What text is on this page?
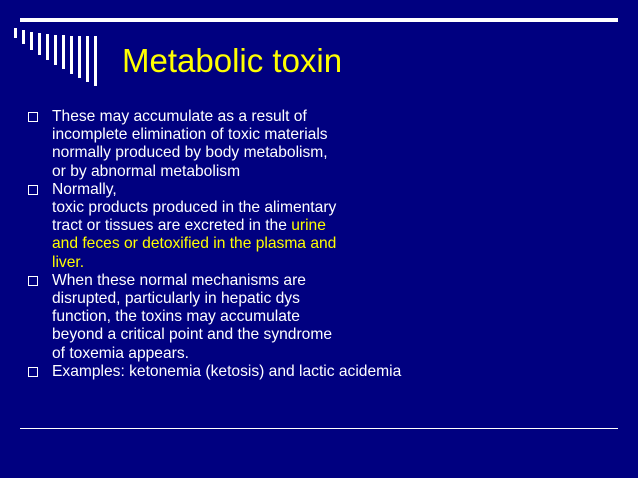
Metabolic toxin
These may accumulate as a result of
incomplete elimination of toxic materials
normally produced by body metabolism,
or by abnormal metabolism
Normally,
toxic products produced in the alimentary
tract or tissues are excreted in the urine
and feces or detoxified in the plasma and
liver.
When these normal mechanisms are
disrupted, particularly in hepatic dys
function, the toxins may accumulate
beyond a critical point and the syndrome
of toxemia appears.
Examples: ketonemia (ketosis) and lactic acidemia
